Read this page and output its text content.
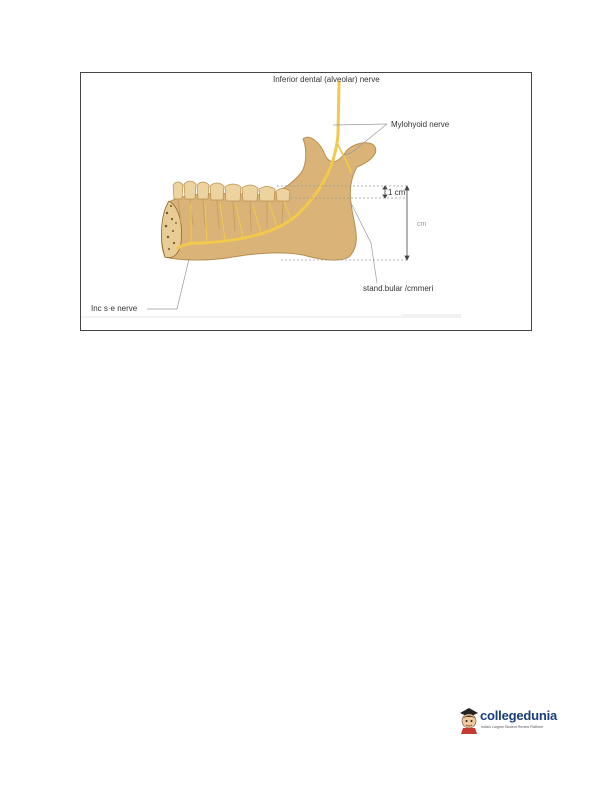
Inferior dental (alveolar) nerve
Mylohyoid nerve
1 cm
cm
stand.bular /cmmeri
Inc s·e nerve
collegedunia
India's Largest Student Review Platform
